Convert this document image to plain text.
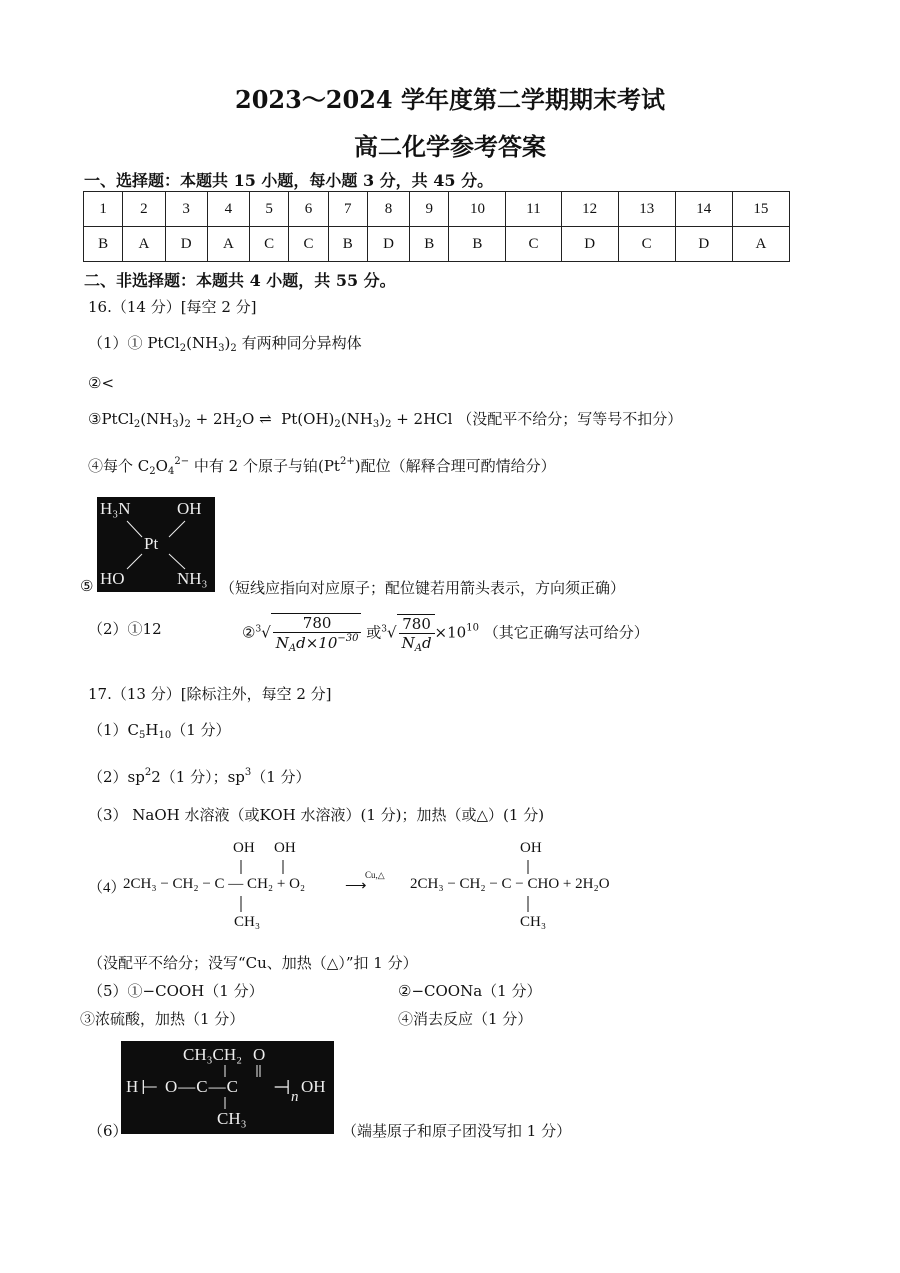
2023～2024 学年度第二学期期末考试
高二化学参考答案
一、选择题：本题共 15 小题，每小题 3 分，共 45 分。
1	2	3	4	5	6	7	8	9	10	11	12	13	14	15
B	A	D	A	C	C	B	D	B	B	C	D	C	D	A
二、非选择题：本题共 4 小题，共 55 分。
16.（14 分）[每空 2 分]
（1）① $PtCl_2(NH_3)_2$ 有两种同分异构体
②<
$③PtCl_2(NH_3)_2 + 2H_2O$ ⇌  $Pt(OH)_2(NH_3)_2 + 2HCl$ （没配平不给分；写等号不扣分）
④每个 $C_2O_4^{2-}$ 中有 2 个原子与铂$(Pt^{2+})$配位（解释合理可酌情给分）
H₃N	OH
Pt
HO	NH₃
⑤	（短线应指向对应原子；配位键若用箭头表示，方向须正确）
（2）①12	②$^3$√ $\frac{780}{N_Ad\times 10^{-30}}$ 或$^3√ \frac{780}{N_Ad} \times 10^{10}$ （其它正确写法可给分）
17.（13 分）[除标注外，每空 2 分]
$(1)C_5H_{10}(1$ 分）
$(2)sp^22(1$ 分）；$sp^3(1$ 分）
（3） NaOH 水溶液（或KOH 水溶液）(1 分)；加热（或△）(1 分)
（4）
2CH₃ − CH₂ − C — CH₂ + O₂
OH OH
CH₃
Cu,△
⟶	2CH₃ − CH₂ − C − CHO + 2H₂O
OH
CH₃
（没配平不给分；没写“Cu、加热（△）”扣 1 分）
（5）①−COOH（1 分）	②−COONa（1 分）
③浓硫酸，加热（1 分）	④消去反应（1 分）
CH₃CH₂ O
H ⊢ O—C—C ⊣ n
OH
CH₃
（6）	（端基原子和原子团没写扣 1 分）
